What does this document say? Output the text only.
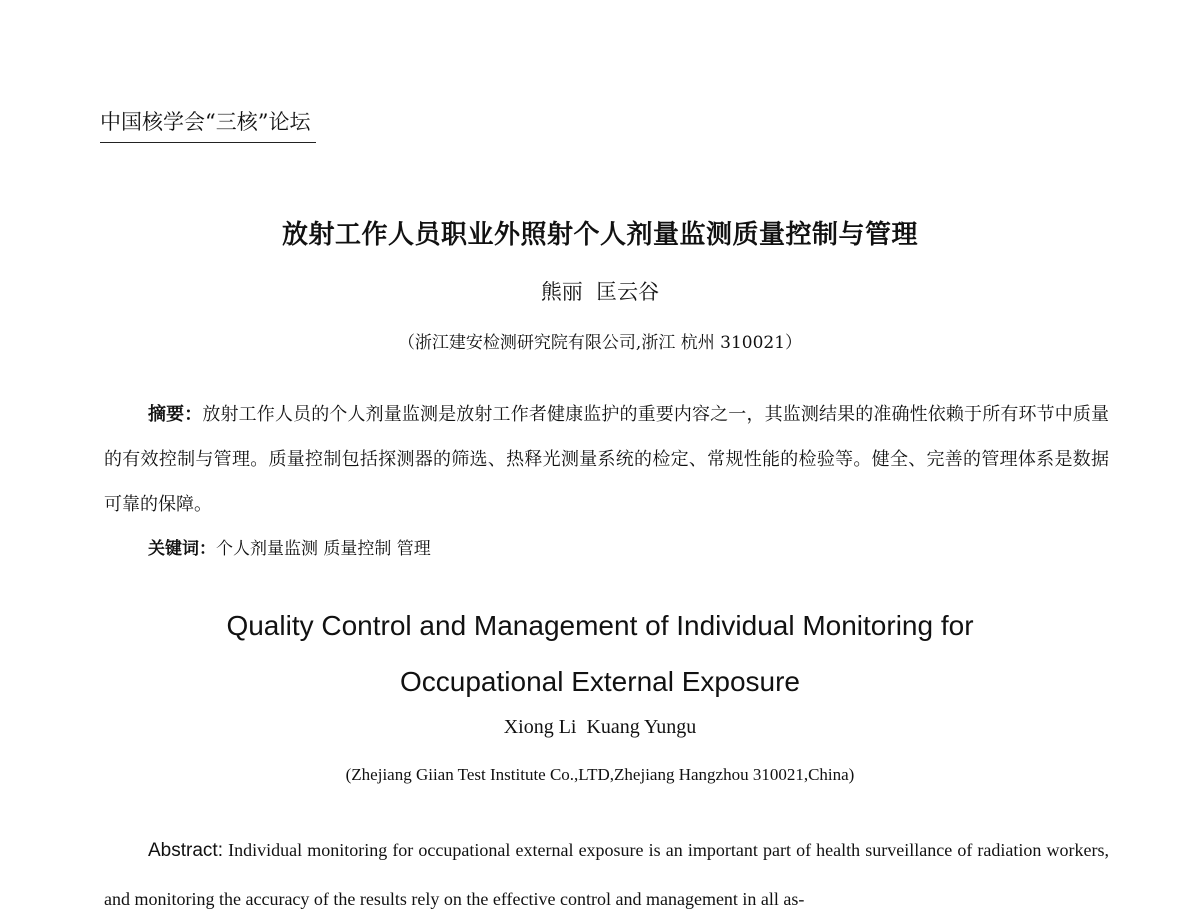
中国核学会“三核”论坛
放射工作人员职业外照射个人剂量监测质量控制与管理
熊丽  匡云谷
（浙江建安检测研究院有限公司,浙江 杭州 310021）
摘要：放射工作人员的个人剂量监测是放射工作者健康监护的重要内容之一，其监测结果的准确性依赖于所有环节中质量的有效控制与管理。质量控制包括探测器的筛选、热释光测量系统的检定、常规性能的检验等。健全、完善的管理体系是数据可靠的保障。
关键词：个人剂量监测 质量控制 管理
Quality Control and Management of Individual Monitoring for
Occupational External Exposure
Xiong Li  Kuang Yungu
(Zhejiang Giian Test Institute Co.,LTD,Zhejiang Hangzhou 310021,China)
Abstract: Individual monitoring for occupational external exposure is an important part of health surveillance of radiation workers, and monitoring the accuracy of the results rely on the effective control and management in all as-
